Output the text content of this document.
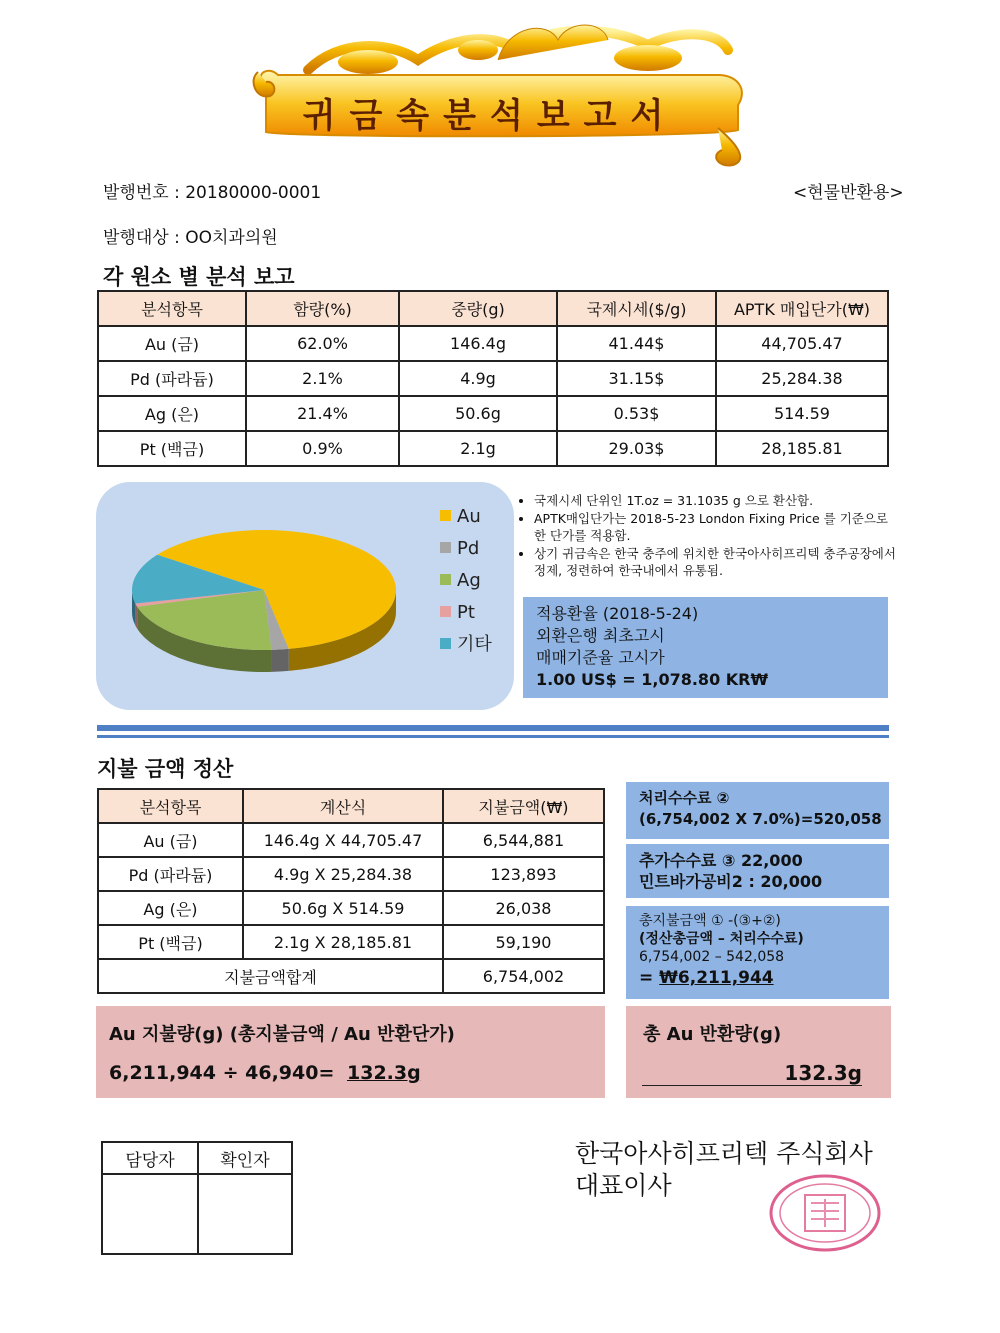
귀금속분석보고서
발행번호 : 20180000-0001	<현물반환용>
발행대상 : OO치과의원
각 원소 별 분석 보고
분석항목	함량(%)	중량(g)	국제시세($/g)	APTK 매입단가(₩)
Au (금)	62.0%	146.4g	41.44$	44,705.47
Pd (파라듐)	2.1%	4.9g	31.15$	25,284.38
Ag (은)	21.4%	50.6g	0.53$	514.59
Pt (백금)	0.9%	2.1g	29.03$	28,185.81
Au
Pd
Ag
Pt
기타
• 국제시세 단위인 1T.oz = 31.1035 g 으로 환산함.
• APTK매입단가는 2018-5-23 London Fixing Price 를 기준으로 한 단가를 적용함.
• 상기 귀금속은 한국 충주에 위치한 한국아사히프리텍 충주공장에서 정제, 정련하여 한국내에서 유통됨.
적용환율 (2018-5-24)
외환은행 최초고시
매매기준율 고시가
1.00 US$ = 1,078.80 KR₩
지불 금액 정산
분석항목	계산식	지불금액(₩)
Au (금)	146.4g X 44,705.47	6,544,881
Pd (파라듐)	4.9g X 25,284.38	123,893
Ag (은)	50.6g X 514.59	26,038
Pt (백금)	2.1g X 28,185.81	59,190
지불금액합계		6,754,002
처리수수료 ②
(6,754,002 X 7.0%)=520,058
추가수수료 ③ 22,000
민트바가공비2 : 20,000
총지불금액 ① -(③+②)
(정산총금액 – 처리수수료)
6,754,002 – 542,058
= ₩6,211,944
Au 지불량(g) (총지불금액 / Au 반환단가)
6,211,944 ÷ 46,940= 132.3g
총 Au 반환량(g)
132.3g
담당자	확인자
		한국아사히프리텍 주식회사
대표이사
